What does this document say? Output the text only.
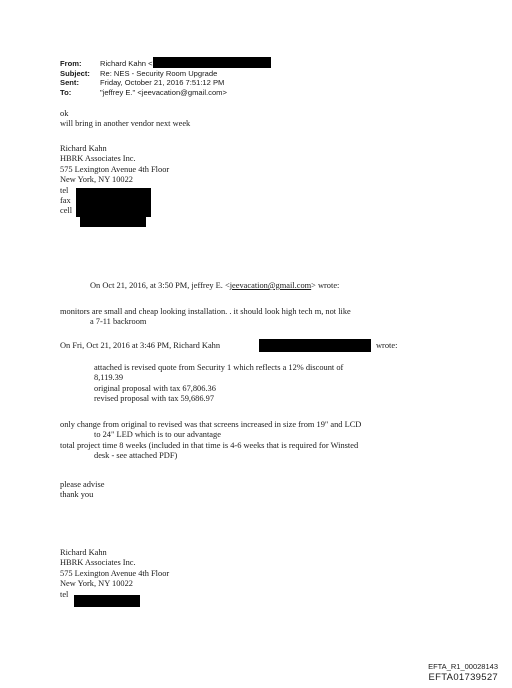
From:	Richard Kahn <
Subject:	Re: NES - Security Room Upgrade
Sent:	Friday, October 21, 2016 7:51:12 PM
To:	"jeffrey E." <jeevacation@gmail.com>
ok
will bring in another vendor next week
Richard Kahn
HBRK Associates Inc.
575 Lexington Avenue 4th Floor
New York, NY 10022
tel
fax
cell
On Oct 21, 2016, at 3:50 PM, jeffrey E. <jeevacation@gmail.com> wrote:
monitors are small and cheap looking installation. . it should look high tech m, not like
a 7-11 backroom
On Fri, Oct 21, 2016 at 3:46 PM, Richard Kahn	wrote:
attached is revised quote from Security 1 which reflects a 12% discount of
8,119.39
original proposal with tax 67,806.36
revised proposal with tax 59,686.97
only change from original to revised was that screens increased in size from 19" and LCD
to 24" LED which is to our advantage
total project time 8 weeks (included in that time is 4-6 weeks that is required for Winsted
desk - see attached PDF)
please advise
thank you
Richard Kahn
HBRK Associates Inc.
575 Lexington Avenue 4th Floor
New York, NY 10022
tel
EFTA_R1_00028143
EFTA01739527
